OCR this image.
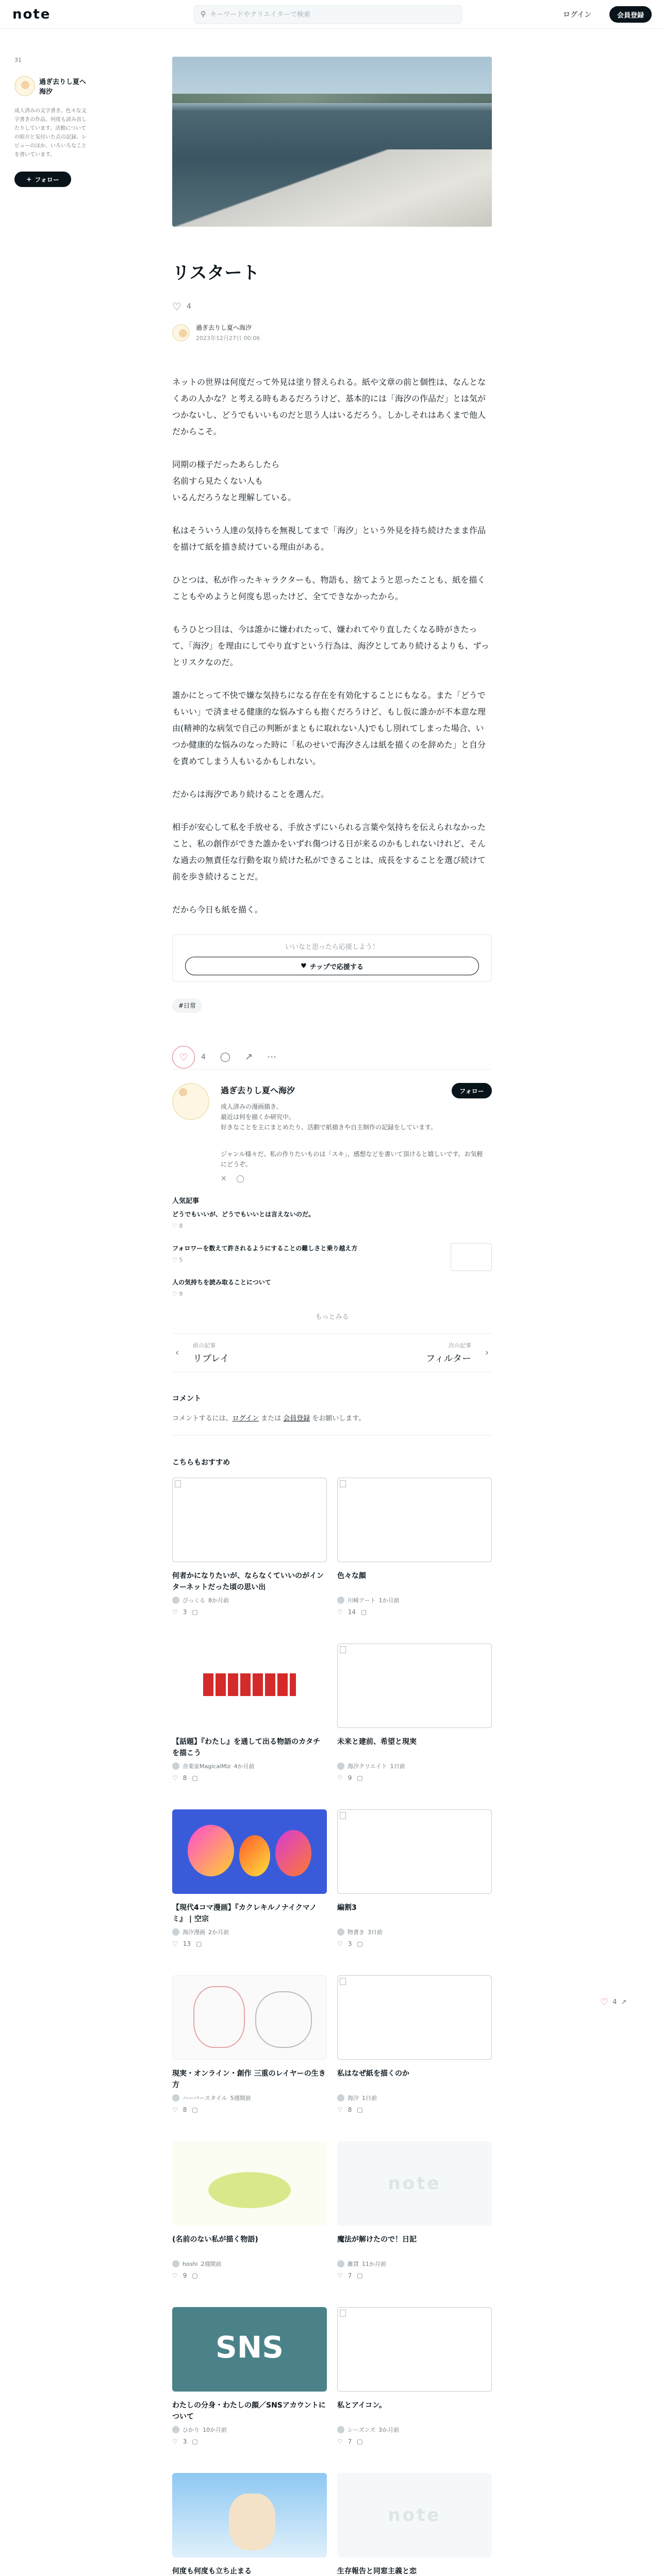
note	⚲
キーワードやクリエイターで検索	ログイン	会員登録
31
過ぎ去りし夏へ海汐
成人済みの文字書き。色々な文字書きの作品、何度も読み直したりしています。活動についての紹介と気付いた点の記録。レビューのほか、いろいろなことを書いています。
+ フォロー
リスタート
♡ 4
過ぎ去りし夏へ海汐
2023年12月27日 00:06

ネットの世界は何度だって外見は塗り替えられる。紙や文章の前と個性は、なんとなくあの人かな？と考える時もあるだろうけど、基本的には「海汐の作品だ」とは気がつかないし、どうでもいいものだと思う人はいるだろう。しかしそれはあくまで他人だからこそ。

同期の様子だったあらしたら
名前すら見たくない人も
いるんだろうなと理解している。

私はそういう人達の気持ちを無視してまで「海汐」という外見を持ち続けたまま作品を描けて紙を描き続けている理由がある。

ひとつは、私が作ったキャラクターも、物語も、捨てようと思ったことも、紙を描くこともやめようと何度も思ったけど、全てできなかったから。

もうひとつ目は、今は誰かに嫌われたって、嫌われてやり直したくなる時がきたって、「海汐」を理由にしてやり直すという行為は、海汐としてあり続けるよりも、ずっとリスクなのだ。

誰かにとって不快で嫌な気持ちになる存在を有効化することにもなる。また「どうでもいい」で済ませる健康的な悩みすらも抱くだろうけど、もし仮に誰かが不本意な理由(精神的な病気で自己の判断がまともに取れない人)でもし別れてしまった場合、いつか健康的な悩みのなった時に「私のせいで海汐さんは紙を描くのを辞めた」と自分を責めてしまう人もいるかもしれない。

だからは海汐であり続けることを選んだ。

相手が安心して私を手放せる、手放さずにいられる言葉や気持ちを伝えられなかったこと、私の創作ができた誰かをいずれ傷つける日が来るのかもしれないけれど、そんな過去の無責任な行動を取り続けた私ができることは、成長をすることを選び続けて前を歩き続けることだ。

だから今日も紙を描く。

いいなと思ったら応援しよう！
♥ チップで応援する
#日常
♡	4 ◯ ↗ ⋯
過ぎ去りし夏へ海汐	フォロー
成人済みの漫画描き。
最近は何を描くか研究中。
好きなことを主にまとめたり、活動で紙描きや自主制作の記録をしています。
ジャンル様々だ、私の作りたいものは「スキ」、感想などを書いて頂けると嬉しいです。お気軽にどうぞ。
✕ ◯
人気記事
どうでもいいが、どうでもいいとは言えないのだ。
♡ 8
フォロワーを数えて許されるようにすることの難しさと乗り越え方
♡ 5
人の気持ちを読み取ることについて
♡ 9
もっとみる
‹
前の記事
リプレイ
次の記事
フィルター
›
コメント

コメントするには、ログイン または 会員登録 をお願いします。

こちらもおすすめ
何者かになりたいが、ならなくていいのがインターネットだった頃の思い出
ぴっくる 8か月前
♡ 3 ▢
色々な顔
川崎アート 1か月前
♡ 14 ▢
【話題】『わたし』を通して出る物語のカタチを描こう
音楽家MagicalMiz 4か月前
♡ 8 ▢
未来と建前、希望と現実
海汐クリエイト 1日前
♡ 9 ▢
【現代4コマ漫画】『カクレキルノナイクマノミ』 | 空宗
海汐漫画 2か月前
♡ 13 ▢
編割3
物書き 3日前
♡ 3 ▢
現実・オンライン・創作 三重のレイヤーの生き方
ハーバースタイル 5週間前
♡ 8 ▢
私はなぜ紙を描くのか
海汐 1日前
♡ 8 ▢
(名前のない私が描く物語)
hoshi 2週間前
♡ 9 ▢
note
魔法が解けたので！日記
雑貨 11か月前
♡ 7 ▢
SNS
わたしの分身・わたしの顔／SNSアカウントについて
ひかり 10か月前
♡ 3 ▢
私とアイコン。
シーズンズ 3か月前
♡ 7 ▢
何度も何度も立ち止まる
note	生存報告と同窓主義と恋
♡ 4 ↗
